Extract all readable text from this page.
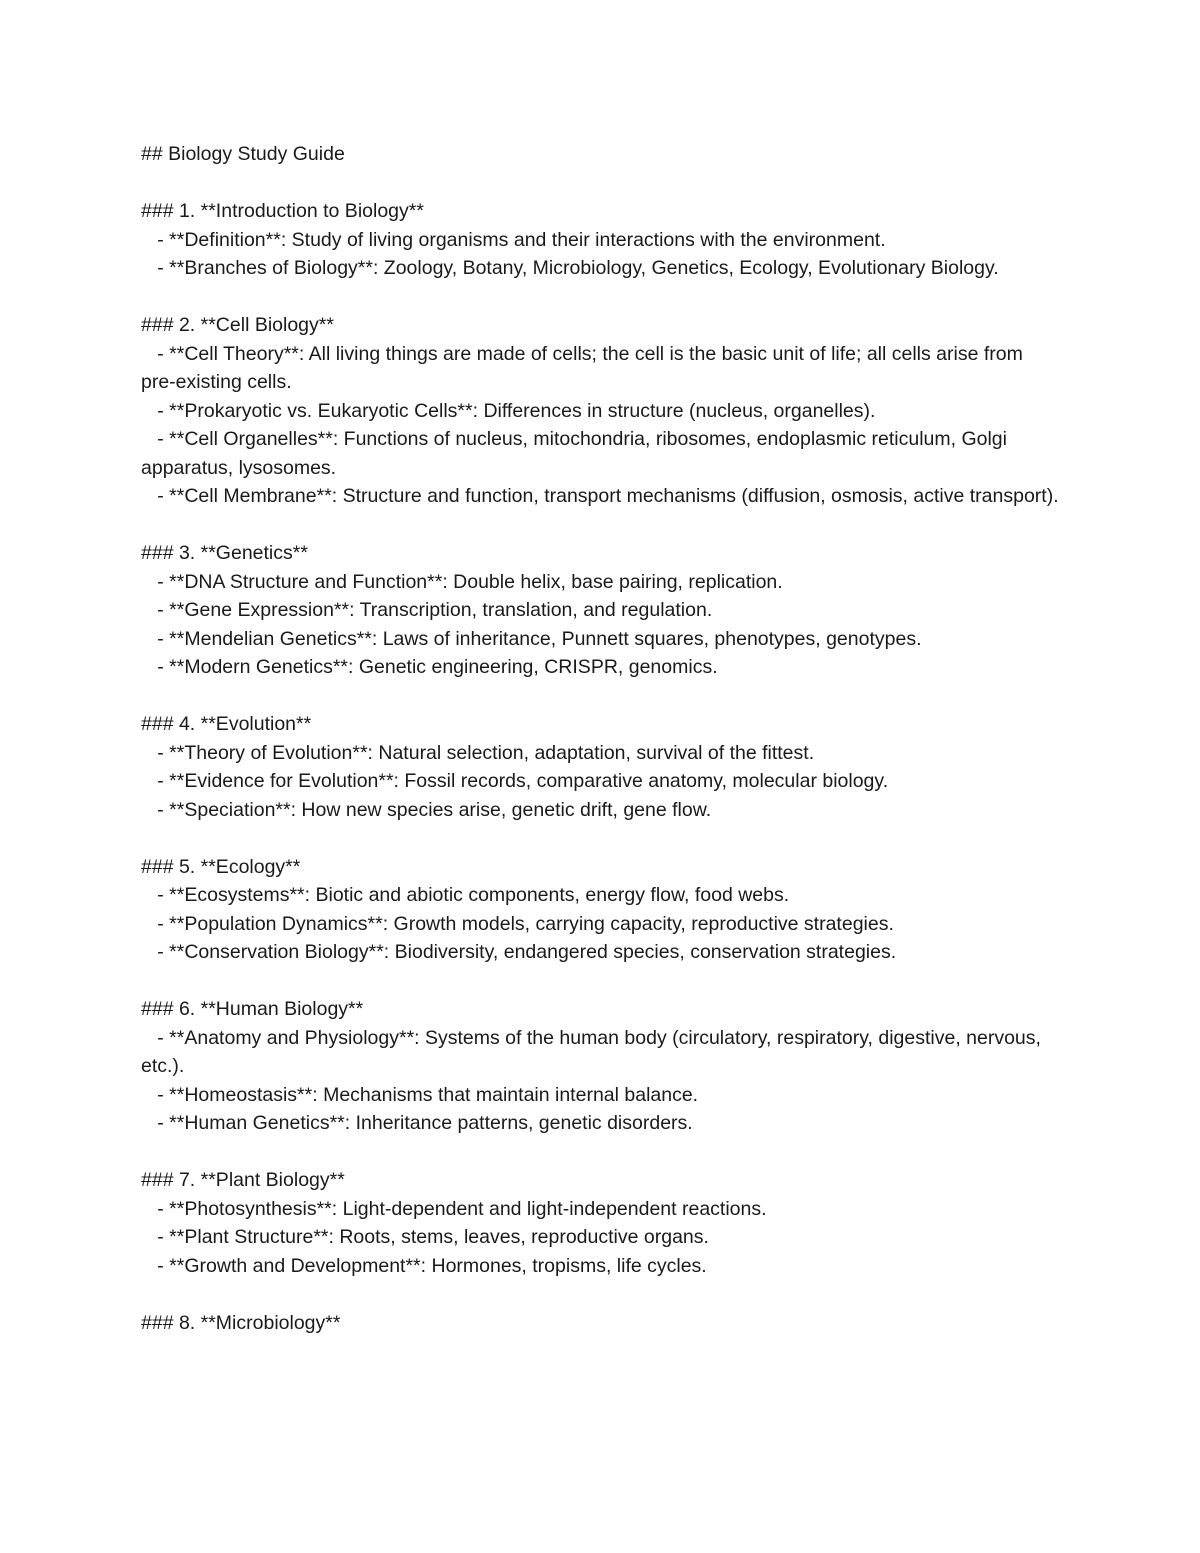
## Biology Study Guide
### 1. **Introduction to Biology**
- **Definition**: Study of living organisms and their interactions with the environment.
- **Branches of Biology**: Zoology, Botany, Microbiology, Genetics, Ecology, Evolutionary Biology.
### 2. **Cell Biology**
- **Cell Theory**: All living things are made of cells; the cell is the basic unit of life; all cells arise from pre-existing cells.
- **Prokaryotic vs. Eukaryotic Cells**: Differences in structure (nucleus, organelles).
- **Cell Organelles**: Functions of nucleus, mitochondria, ribosomes, endoplasmic reticulum, Golgi apparatus, lysosomes.
- **Cell Membrane**: Structure and function, transport mechanisms (diffusion, osmosis, active transport).
### 3. **Genetics**
- **DNA Structure and Function**: Double helix, base pairing, replication.
- **Gene Expression**: Transcription, translation, and regulation.
- **Mendelian Genetics**: Laws of inheritance, Punnett squares, phenotypes, genotypes.
- **Modern Genetics**: Genetic engineering, CRISPR, genomics.
### 4. **Evolution**
- **Theory of Evolution**: Natural selection, adaptation, survival of the fittest.
- **Evidence for Evolution**: Fossil records, comparative anatomy, molecular biology.
- **Speciation**: How new species arise, genetic drift, gene flow.
### 5. **Ecology**
- **Ecosystems**: Biotic and abiotic components, energy flow, food webs.
- **Population Dynamics**: Growth models, carrying capacity, reproductive strategies.
- **Conservation Biology**: Biodiversity, endangered species, conservation strategies.
### 6. **Human Biology**
- **Anatomy and Physiology**: Systems of the human body (circulatory, respiratory, digestive, nervous, etc.).
- **Homeostasis**: Mechanisms that maintain internal balance.
- **Human Genetics**: Inheritance patterns, genetic disorders.
### 7. **Plant Biology**
- **Photosynthesis**: Light-dependent and light-independent reactions.
- **Plant Structure**: Roots, stems, leaves, reproductive organs.
- **Growth and Development**: Hormones, tropisms, life cycles.
### 8. **Microbiology**
